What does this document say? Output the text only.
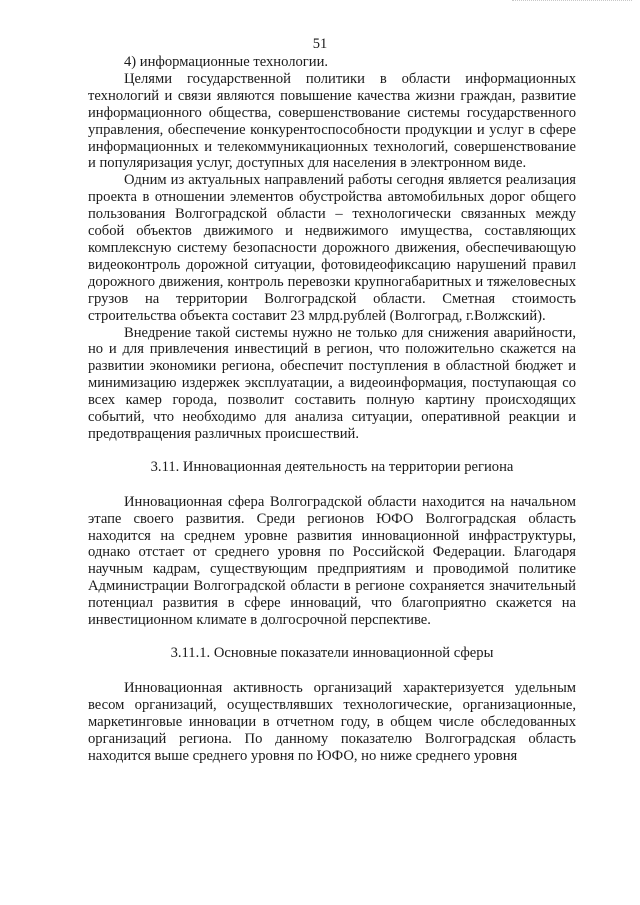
51

4) информационные технологии.

Целями государственной политики в области информационных технологий и связи являются повышение качества жизни граждан, развитие информационного общества, совершенствование системы государственного управления, обеспечение конкурентоспособности продукции и услуг в сфере информационных и телекоммуникационных технологий, совершенствование и популяризация услуг, доступных для населения в электронном виде.

Одним из актуальных направлений работы сегодня является реализация проекта в отношении элементов обустройства автомобильных дорог общего пользования Волгоградской области – технологически связанных между собой объектов движимого и недвижимого имущества, составляющих комплексную систему безопасности дорожного движения, обеспечивающую видеоконтроль дорожной ситуации, фотовидеофиксацию нарушений правил дорожного движения, контроль перевозки крупногабаритных и тяжеловесных грузов на территории Волгоградской области. Сметная стоимость строительства объекта составит 23 млрд.рублей (Волгоград, г.Волжский).

Внедрение такой системы нужно не только для снижения аварийности, но и для привлечения инвестиций в регион, что положительно скажется на развитии экономики региона, обеспечит поступления в областной бюджет и минимизацию издержек эксплуатации, а видеоинформация, поступающая со всех камер города, позволит составить полную картину происходящих событий, что необходимо для анализа ситуации, оперативной реакции и предотвращения различных происшествий.

3.11. Инновационная деятельность на территории региона

Инновационная сфера Волгоградской области находится на начальном этапе своего развития. Среди регионов ЮФО Волгоградская область находится на среднем уровне развития инновационной инфраструктуры, однако отстает от среднего уровня по Российской Федерации. Благодаря научным кадрам, существующим предприятиям и проводимой политике Администрации Волгоградской области в регионе сохраняется значительный потенциал развития в сфере инноваций, что благоприятно скажется на инвестиционном климате в долгосрочной перспективе.

3.11.1. Основные показатели инновационной сферы

Инновационная активность организаций характеризуется удельным весом организаций, осуществлявших технологические, организационные, маркетинговые инновации в отчетном году, в общем числе обследованных организаций региона. По данному показателю Волгоградская область находится выше среднего уровня по ЮФО, но ниже среднего уровня
